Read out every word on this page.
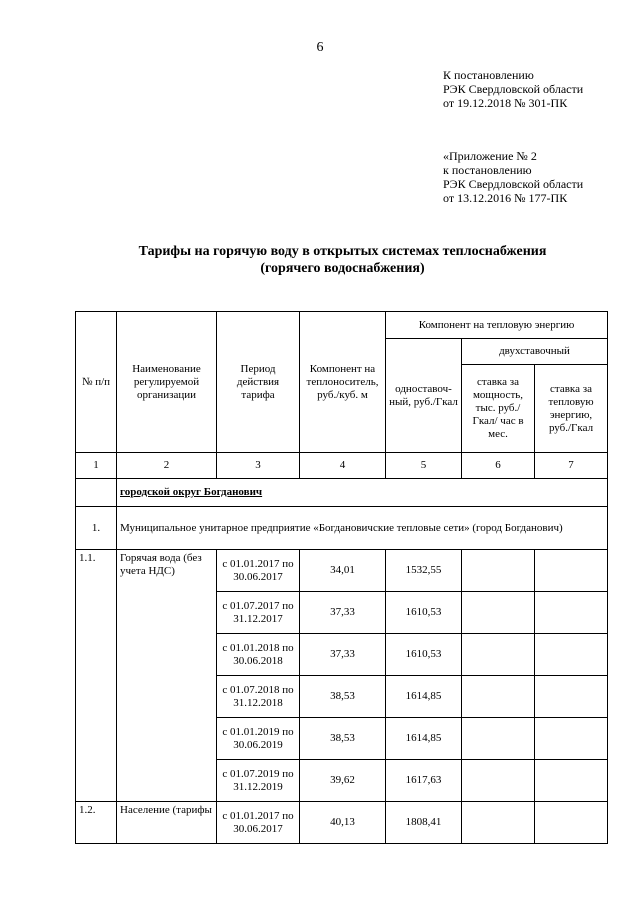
6
К постановлению
РЭК Свердловской области
от 19.12.2018 № 301-ПК
«Приложение № 2
к постановлению
РЭК Свердловской области
от 13.12.2016 № 177-ПК
Тарифы на горячую воду в открытых системах теплоснабжения
(горячего водоснабжения)
№ п/п	Наименование регулируемой организации	Период действия тарифа	Компонент на теплоноситель, руб./куб. м	Компонент на тепловую энергию		
				одноставоч-ный, руб./Гкал	двухставочный	
					ставка за мощность, тыс. руб./Гкал/ час в мес.	ставка за тепловую энергию, руб./Гкал
1	2	3	4	5	6	7
	городской округ Богданович					
1.	Муниципальное унитарное предприятие «Богдановичские тепловые сети» (город Богданович)					
1.1.	Горячая вода (без учета НДС)	с 01.01.2017 по 30.06.2017	34,01	1532,55		
		с 01.07.2017 по 31.12.2017	37,33	1610,53		
		с 01.01.2018 по 30.06.2018	37,33	1610,53		
		с 01.07.2018 по 31.12.2018	38,53	1614,85		
		с 01.01.2019 по 30.06.2019	38,53	1614,85		
		с 01.07.2019 по 31.12.2019	39,62	1617,63		
1.2.	Население (тарифы	с 01.01.2017 по 30.06.2017	40,13	1808,41		
